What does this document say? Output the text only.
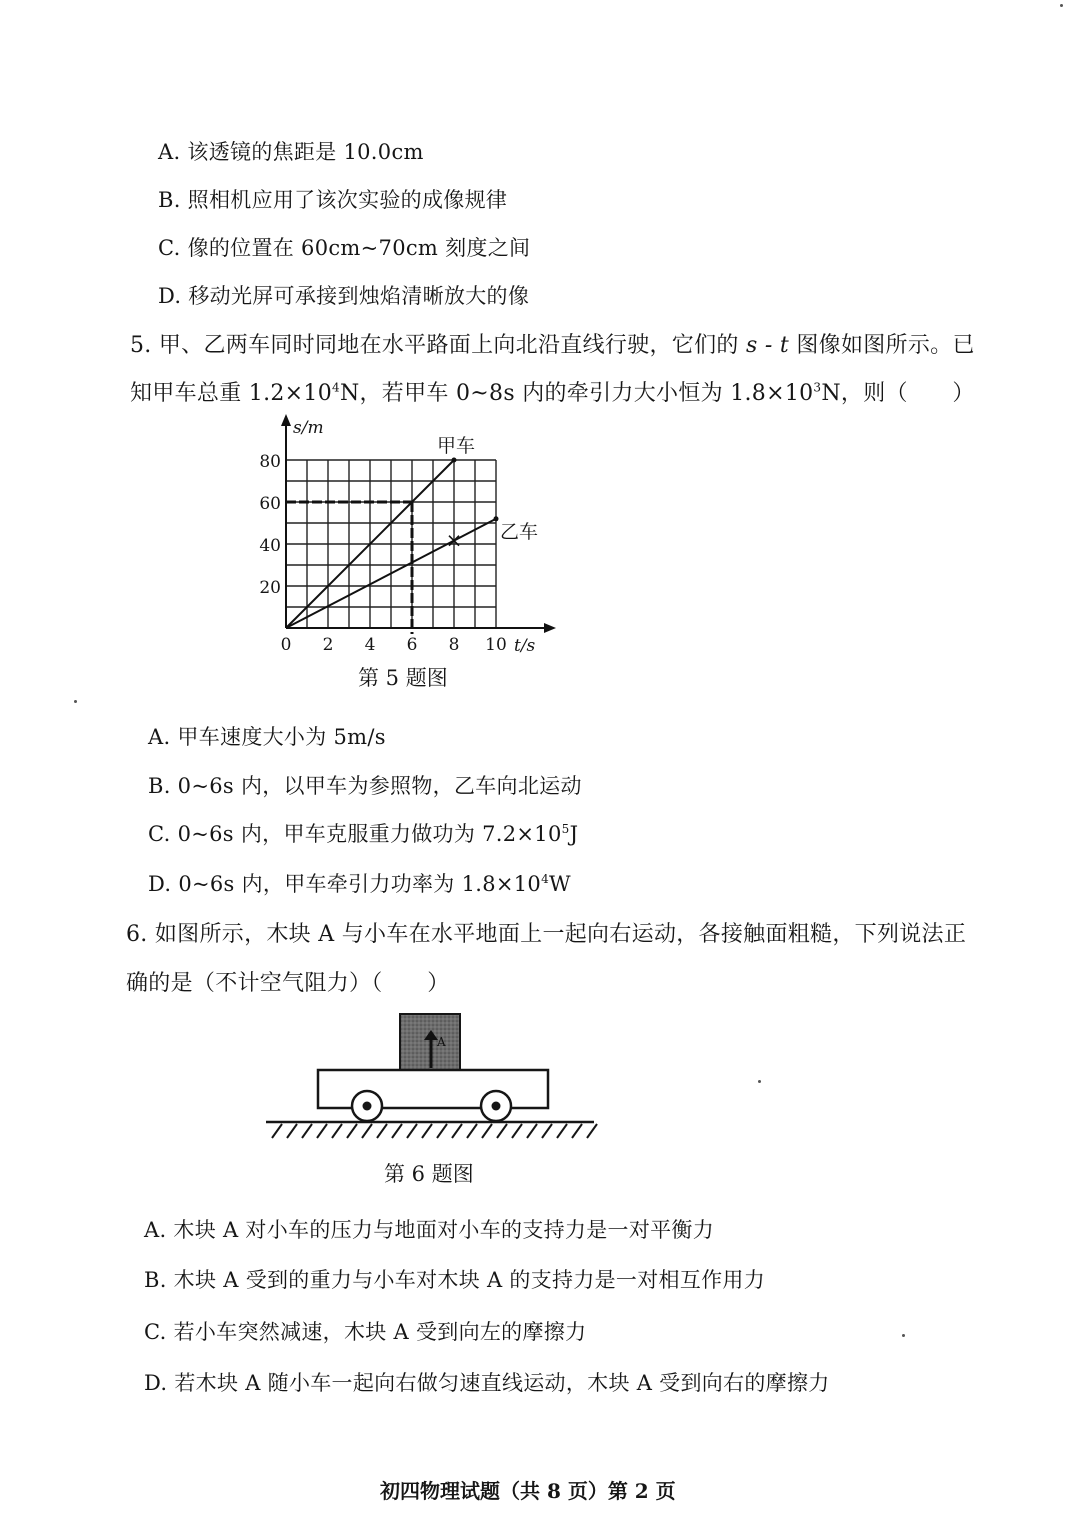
A. 该透镜的焦距是 10.0cm
B. 照相机应用了该次实验的成像规律
C. 像的位置在 60cm~70cm 刻度之间
D. 移动光屏可承接到烛焰清晰放大的像
5. 甲、乙两车同时同地在水平路面上向北沿直线行驶，它们的 s - t 图像如图所示。已
知甲车总重 $1.2\times 10^4N$，若甲车 0~8s 内的牵引力大小恒为 $1.8\times 10^3N$，则（　　）
s/m
t/s
0 2 4 6 8 10
20
40
60
80
甲车
乙车
第 5 题图
A. 甲车速度大小为 5m/s
B. 0~6s 内，以甲车为参照物，乙车向北运动
C. 0~6s 内，甲车克服重力做功为 $7.2\times 10^5J$
D. 0~6s 内，甲车牵引力功率为 $1.8\times 10^4W$
6. 如图所示，木块 A 与小车在水平地面上一起向右运动，各接触面粗糙，下列说法正
确的是（不计空气阻力）（　　）
A
第 6 题图
A. 木块 A 对小车的压力与地面对小车的支持力是一对平衡力
B. 木块 A 受到的重力与小车对木块 A 的支持力是一对相互作用力
C. 若小车突然减速，木块 A 受到向左的摩擦力
D. 若木块 A 随小车一起向右做匀速直线运动，木块 A 受到向右的摩擦力
初四物理试题（共 8 页）第 2 页
